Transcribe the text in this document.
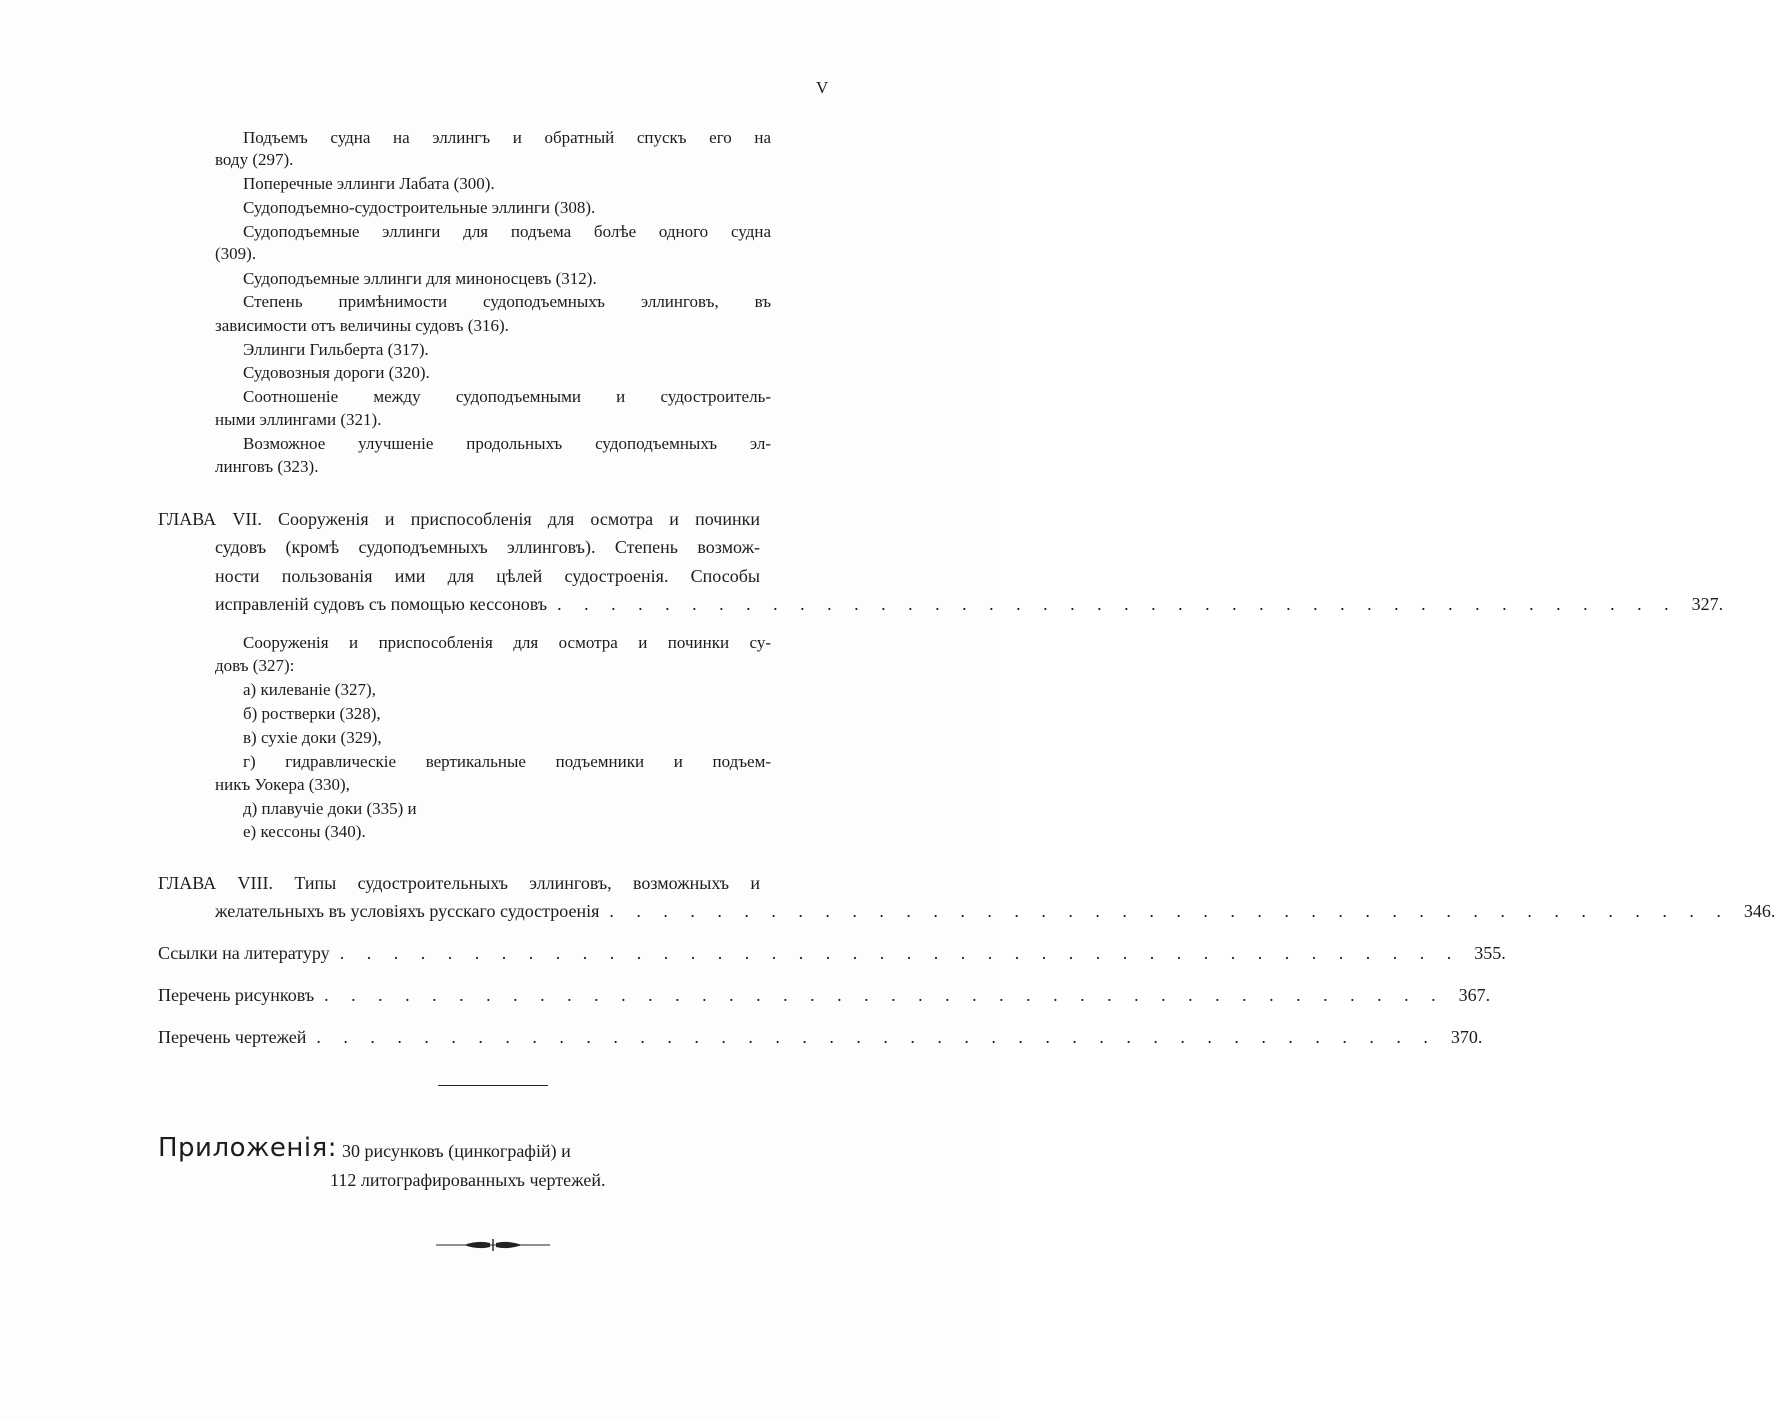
V
Подъемъ судна на эллингъ и обратный спускъ его на
воду (297).
Поперечные эллинги Лабата (300).
Судоподъемно-судостроительные эллинги (308).
Судоподъемные эллинги для подъема болѣе одного судна
(309).
Судоподъемные эллинги для миноносцевъ (312).
Степень примѣнимости судоподъемныхъ эллинговъ, въ
зависимости отъ величины судовъ (316).
Эллинги Гильберта (317).
Судовозныя дороги (320).
Соотношеніе между судоподъемными и судостроитель-
ными эллингами (321).
Возможное улучшеніе продольныхъ судоподъемныхъ эл-
линговъ (323).
ГЛАВА VII. Сооруженія и приспособленія для осмотра и починки
судовъ (кромѣ судоподъемныхъ эллинговъ). Степень возмож-
ности пользованія ими для цѣлей судостроенія. Способы
исправленій судовъ съ помощью кессоновъ . . . . . . . . . . . . . . . . . . . . . . . . . . . . . . . . . . . . . . . . . . 327.
Сооруженія и приспособленія для осмотра и починки су-
довъ (327):
а) килеваніе (327),
б) ростверки (328),
в) сухіе доки (329),
г) гидравлическіе вертикальные подъемники и подъем-
никъ Уокера (330),
д) плавучіе доки (335) и
е) кессоны (340).
ГЛАВА VIII. Типы судостроительныхъ эллинговъ, возможныхъ и
желательныхъ въ условіяхъ русскаго судостроенія . . . . . . . . . . . . . . . . . . . . . . . . . . . . . . . . . . . . . . . . . . 346.
Ссылки на литературу . . . . . . . . . . . . . . . . . . . . . . . . . . . . . . . . . . . . . . . . . . 355.
Перечень рисунковъ . . . . . . . . . . . . . . . . . . . . . . . . . . . . . . . . . . . . . . . . . . 367.
Перечень чертежей . . . . . . . . . . . . . . . . . . . . . . . . . . . . . . . . . . . . . . . . . . 370.
Приложенія: 30 рисунковъ (цинкографій) и
112 литографированныхъ чертежей.
